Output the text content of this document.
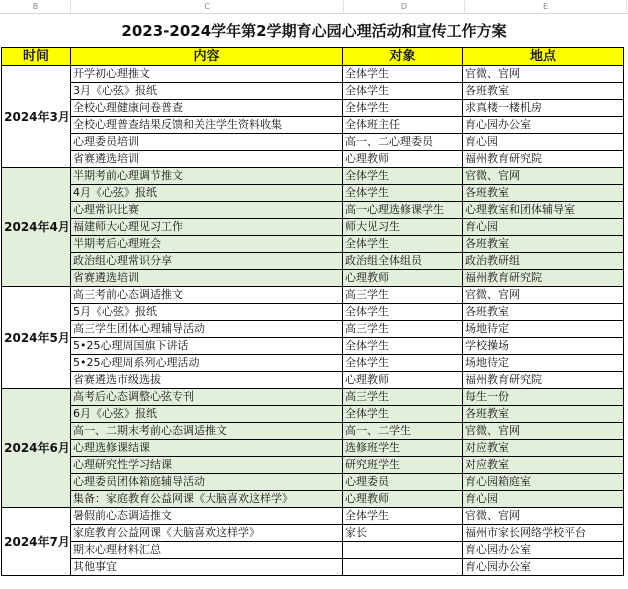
B	C	D	E
2023-2024学年第2学期育心园心理活动和宣传工作方案
时间	内容	对象	地点
2024年3月	开学初心理推文	全体学生	官微、官网
	3月《心弦》报纸	全体学生	各班教室
	全校心理健康问卷普查	全体学生	求真楼一楼机房
	全校心理普查结果反馈和关注学生资料收集	全体班主任	育心园办公室
	心理委员培训	高一、二心理委员	育心园
	省赛遴选培训	心理教师	福州教育研究院
2024年4月	半期考前心理调节推文	全体学生	官微、官网
	4月《心弦》报纸	全体学生	各班教室
	心理常识比赛	高一心理选修课学生	心理教室和团体辅导室
	福建师大心理见习工作	师大见习生	育心园
	半期考后心理班会	全体学生	各班教室
	政治组心理常识分享	政治组全体组员	政治教研组
	省赛遴选培训	心理教师	福州教育研究院
2024年5月	高三考前心态调适推文	高三学生	官微、官网
	5月《心弦》报纸	全体学生	各班教室
	高三学生团体心理辅导活动	高三学生	场地待定
	5•25心理周国旗下讲话	全体学生	学校操场
	5•25心理周系列心理活动	全体学生	场地待定
	省赛遴选市级选拔	心理教师	福州教育研究院
2024年6月	高考后心态调整心弦专刊	高三学生	每生一份
	6月《心弦》报纸	全体学生	各班教室
	高一、二期末考前心态调适推文	高一、二学生	官微、官网
	心理选修课结课	选修班学生	对应教室
	心理研究性学习结课	研究班学生	对应教室
	心理委员团体箱庭辅导活动	心理委员	育心园箱庭室
	集备：家庭教育公益网课《大脑喜欢这样学》	心理教师	育心园
2024年7月	暑假前心态调适推文	全体学生	官微、官网
	家庭教育公益网课《大脑喜欢这样学》	家长	福州市家长网络学校平台
	期末心理材料汇总		育心园办公室
	其他事宜		育心园办公室
